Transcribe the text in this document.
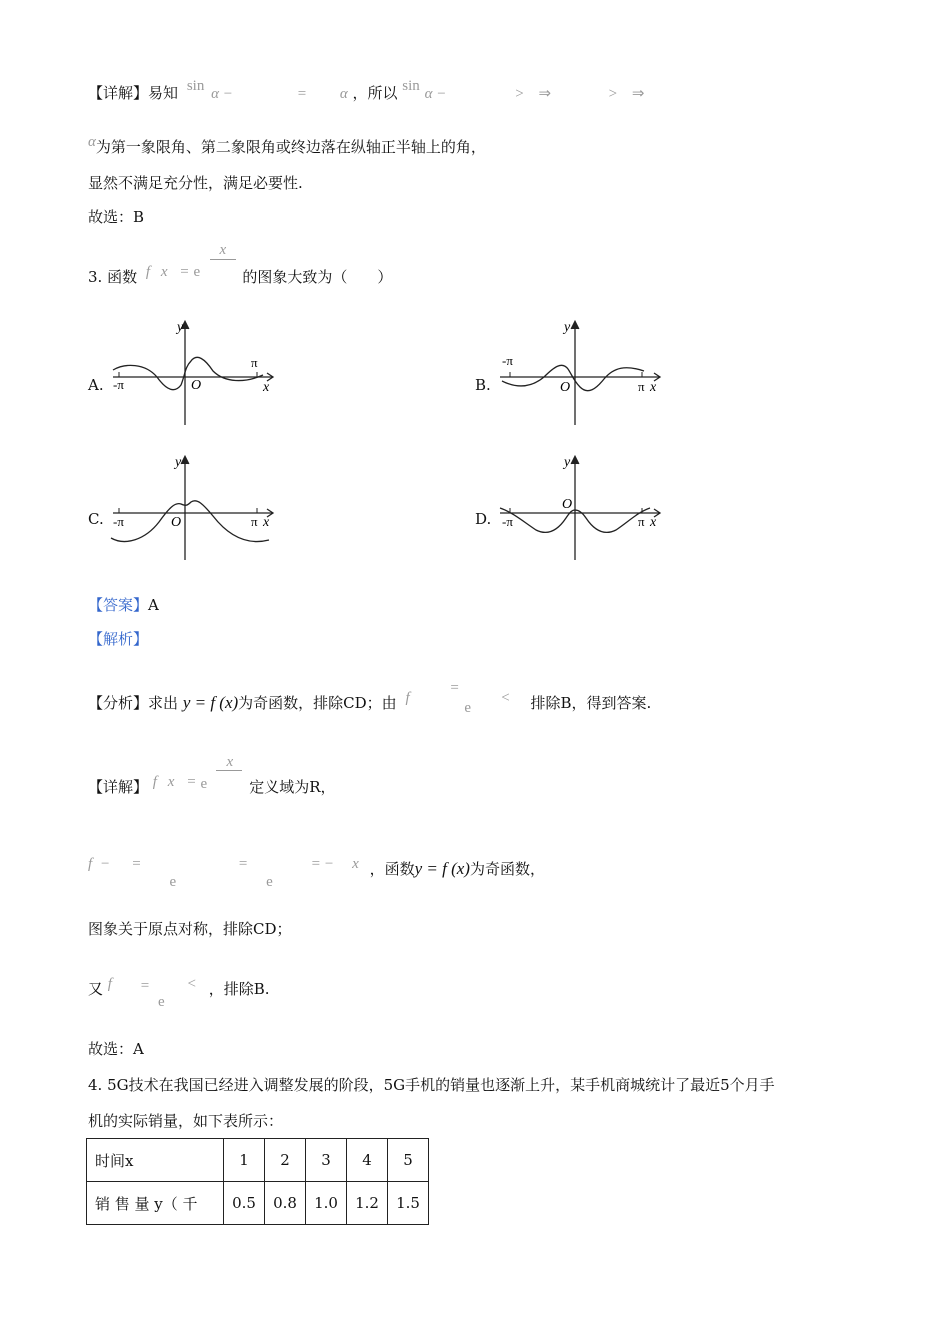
【详解】易知 sin α −	= α ，所以 sin α −	> ⇒	> ⇒
α为第一象限角、第二象限角或终边落在纵轴正半轴上的角，
显然不满足充分性，满足必要性.
故选：B
3. 函数 f x =
x
e	的图象大致为（　　）
A. -π
π
O
y
x	B.
-π
π
O
y
x
C. -π	π
O
y
x	D. -π	π
O
y
x
【答案】A
【解析】
【分析】求出 y = f (x)为奇函数，排除CD；由 f
=
e
< 排除B，得到答案.
【详解】 f x =
x
e	定义域为R，
f − = e = e = − x ，函数y = f (x)为奇函数，
图象关于原点对称，排除CD；
又 f = e < ，排除B.
故选：A
4. 5G技术在我国已经进入调整发展的阶段，5G手机的销量也逐渐上升，某手机商城统计了最近5个月手
机的实际销量，如下表所示：
时间x	1	2	3	4	5
销 售 量 y（ 千	0.5	0.8	1.0	1.2	1.5
